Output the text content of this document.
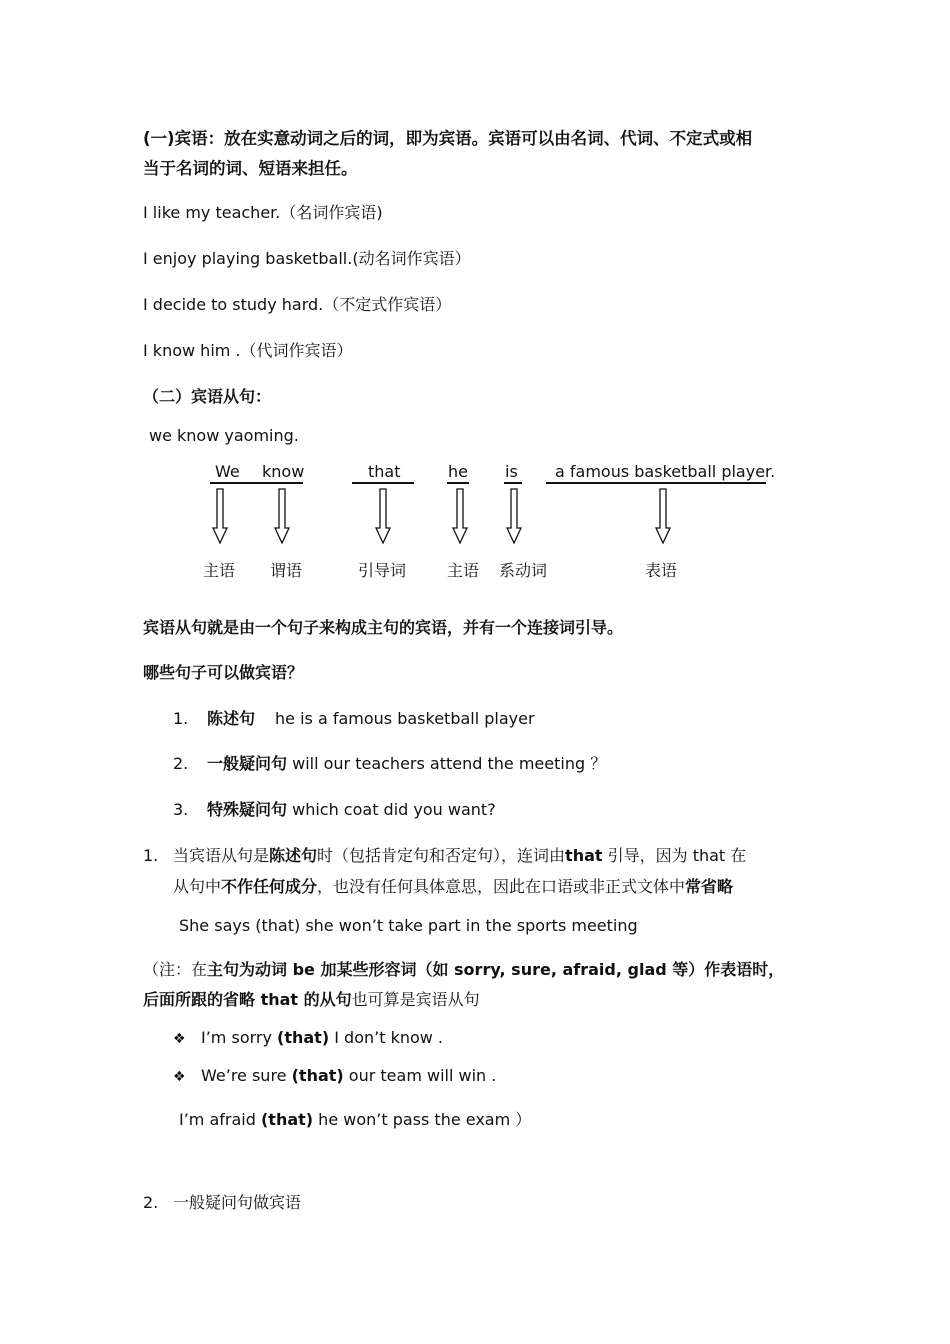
(一)宾语：放在实意动词之后的词，即为宾语。宾语可以由名词、代词、不定式或相
当于名词的词、短语来担任。
I like my teacher.（名词作宾语)
I enjoy playing basketball.(动名词作宾语）
I decide to study hard.（不定式作宾语）
I know him .（代词作宾语）
（二）宾语从句：
we know yaoming.
We know	that	he is a famous basketball player.
主语 谓语	引导词	主语 系动词	表语
宾语从句就是由一个句子来构成主句的宾语，并有一个连接词引导。
哪些句子可以做宾语？
1. 陈述句 he is a famous basketball player
2. 一般疑问句 will our teachers attend the meeting ？
3. 特殊疑问句 which coat did you want?
1. 当宾语从句是陈述句时（包括肯定句和否定句），连词由that 引导，因为 that 在
从句中不作任何成分，也没有任何具体意思，因此在口语或非正式文体中常省略
She says (that) she won’t take part in the sports meeting
（注：在主句为动词 be 加某些形容词（如 sorry, sure, afraid, glad 等）作表语时，
后面所跟的省略 that 的从句也可算是宾语从句
❖ I’m sorry (that) I don’t know .
❖ We’re sure (that) our team will win .
I’m afraid (that) he won’t pass the exam ）
2. 一般疑问句做宾语
